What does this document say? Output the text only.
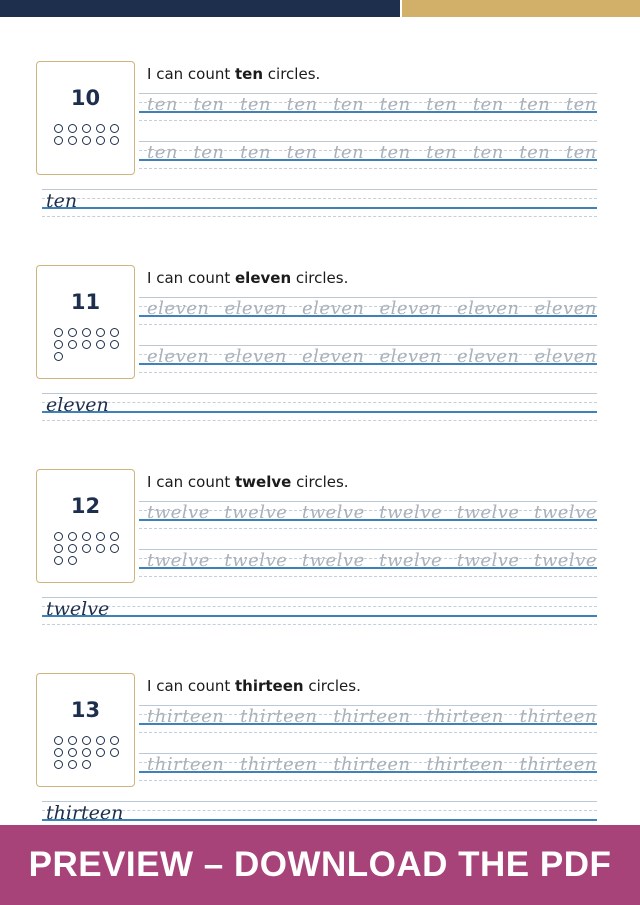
10
I can count ten circles.
ten ten ten ten ten ten ten ten ten ten
ten ten ten ten ten ten ten ten ten ten
ten
11
I can count eleven circles.
eleven eleven eleven eleven eleven eleven
eleven eleven eleven eleven eleven eleven
eleven
12
I can count twelve circles.
twelve twelve twelve twelve twelve twelve
twelve twelve twelve twelve twelve twelve
twelve
13
I can count thirteen circles.
thirteen thirteen thirteen thirteen thirteen
thirteen thirteen thirteen thirteen thirteen
thirteen
PREVIEW – DOWNLOAD THE PDF
